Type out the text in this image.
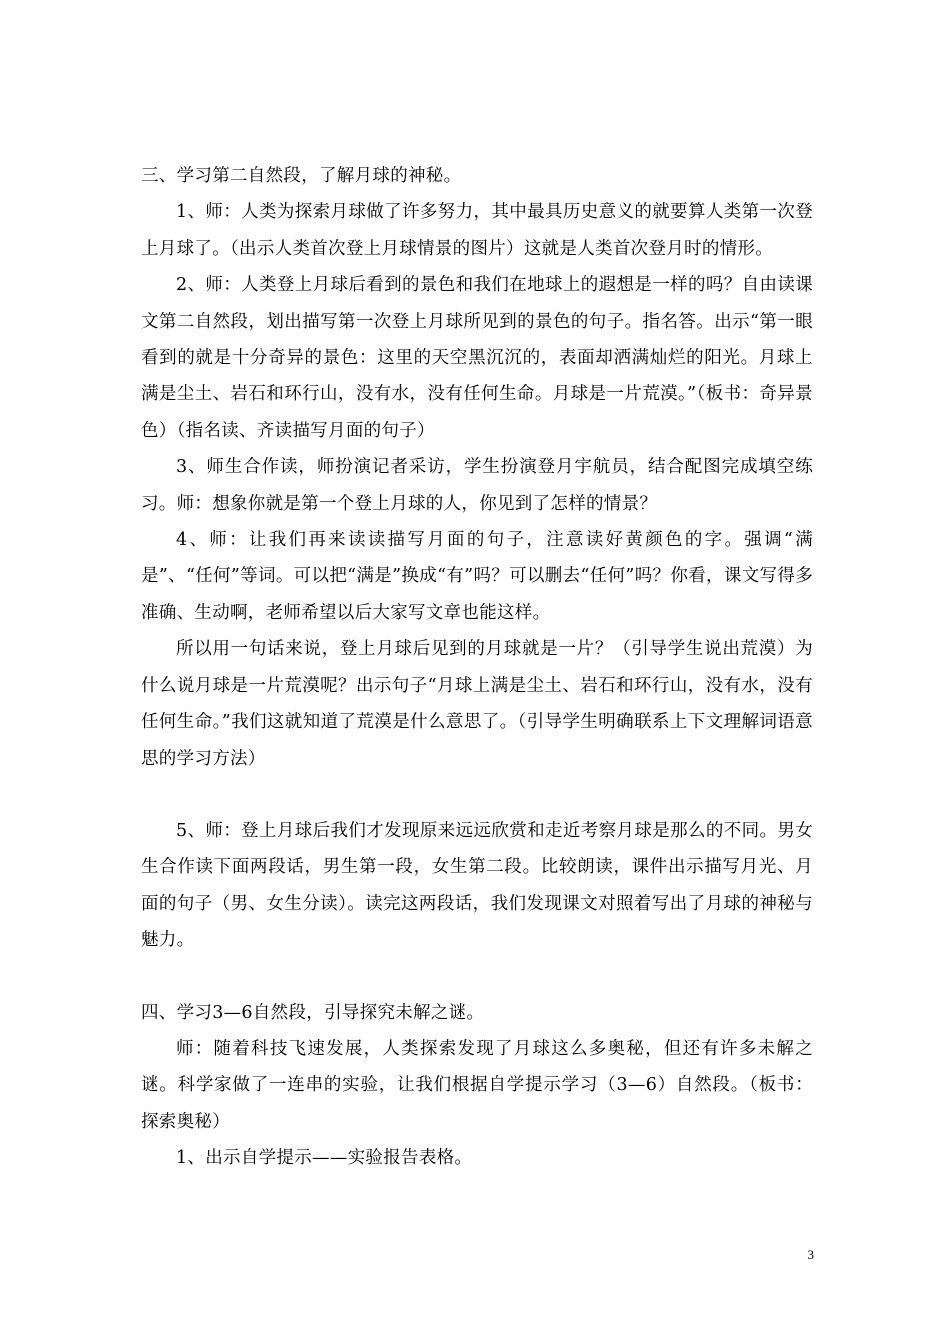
三、学习第二自然段，了解月球的神秘。

1、师：人类为探索月球做了许多努力，其中最具历史意义的就要算人类第一次登上月球了。（出示人类首次登上月球情景的图片）这就是人类首次登月时的情形。

2、师：人类登上月球后看到的景色和我们在地球上的遐想是一样的吗？自由读课文第二自然段，划出描写第一次登上月球所见到的景色的句子。指名答。出示“第一眼看到的就是十分奇异的景色：这里的天空黑沉沉的，表面却洒满灿烂的阳光。月球上满是尘土、岩石和环行山，没有水，没有任何生命。月球是一片荒漠。”（板书：奇异景色）（指名读、齐读描写月面的句子）

3、师生合作读，师扮演记者采访，学生扮演登月宇航员，结合配图完成填空练习。师：想象你就是第一个登上月球的人，你见到了怎样的情景？

4、师：让我们再来读读描写月面的句子，注意读好黄颜色的字。强调“满是”、“任何”等词。可以把“满是”换成“有”吗？可以删去“任何”吗？你看，课文写得多准确、生动啊，老师希望以后大家写文章也能这样。

所以用一句话来说，登上月球后见到的月球就是一片？（引导学生说出荒漠）为什么说月球是一片荒漠呢？出示句子“月球上满是尘土、岩石和环行山，没有水，没有任何生命。”我们这就知道了荒漠是什么意思了。（引导学生明确联系上下文理解词语意思的学习方法）

5、师：登上月球后我们才发现原来远远欣赏和走近考察月球是那么的不同。男女生合作读下面两段话，男生第一段，女生第二段。比较朗读，课件出示描写月光、月面的句子（男、女生分读）。读完这两段话，我们发现课文对照着写出了月球的神秘与魅力。

四、学习3—6自然段，引导探究未解之谜。

师：随着科技飞速发展，人类探索发现了月球这么多奥秘，但还有许多未解之谜。科学家做了一连串的实验，让我们根据自学提示学习（3—6）自然段。（板书：探索奥秘）

1、出示自学提示——实验报告表格。

3
